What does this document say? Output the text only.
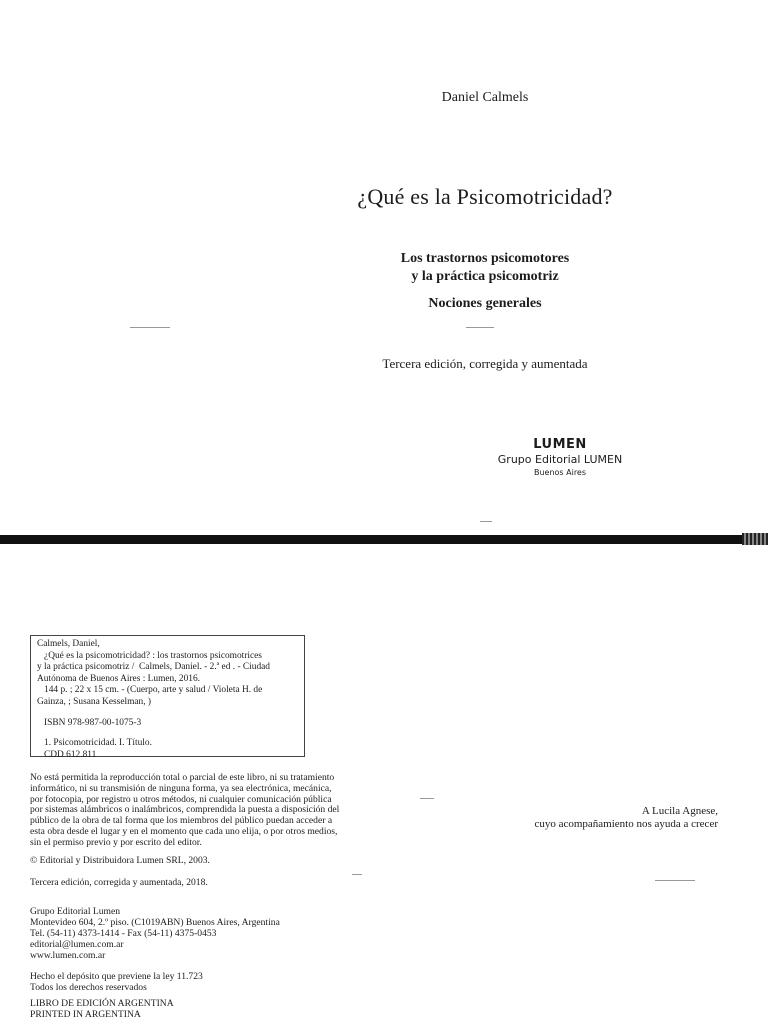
Daniel Calmels
¿Qué es la Psicomotricidad?
Los trastornos psicomotores
y la práctica psicomotriz
Nociones generales
Tercera edición, corregida y aumentada
LUMEN
Grupo Editorial LUMEN
Buenos Aires

Calmels, Daniel,

¿Qué es la psicomotricidad? : los trastornos psicomotrices

y la práctica psicomotriz /  Calmels, Daniel. - 2.ª ed . - Ciudad

Autónoma de Buenos Aires : Lumen, 2016.

144 p. ; 22 x 15 cm. - (Cuerpo, arte y salud / Violeta H. de

Gainza, ; Susana Kesselman, )

ISBN 978-987-00-1075-3

1. Psicomotricidad. I. Título.

CDD 612.811

No está permitida la reproducción total o parcial de este libro, ni su tratamiento informático, ni su transmisión de ninguna forma, ya sea electrónica, mecánica, por fotocopia, por registro u otros métodos, ni cualquier comunicación pública por sistemas alámbricos o inalámbricos, comprendida la puesta a disposición del público de la obra de tal forma que los miembros del público puedan acceder a esta obra desde el lugar y en el momento que cada uno elija, o por otros medios, sin el permiso previo y por escrito del editor.

© Editorial y Distribuidora Lumen SRL, 2003.

Tercera edición, corregida y aumentada, 2018.

Grupo Editorial Lumen

Montevideo 604, 2.º piso. (C1019ABN) Buenos Aires, Argentina

Tel. (54-11) 4373-1414 - Fax (54-11) 4375-0453

editorial@lumen.com.ar

www.lumen.com.ar

Hecho el depósito que previene la ley 11.723

Todos los derechos reservados

LIBRO DE EDICIÓN ARGENTINA

PRINTED IN ARGENTINA

A Lucila Agnese,
cuyo acompañamiento nos ayuda a crecer
